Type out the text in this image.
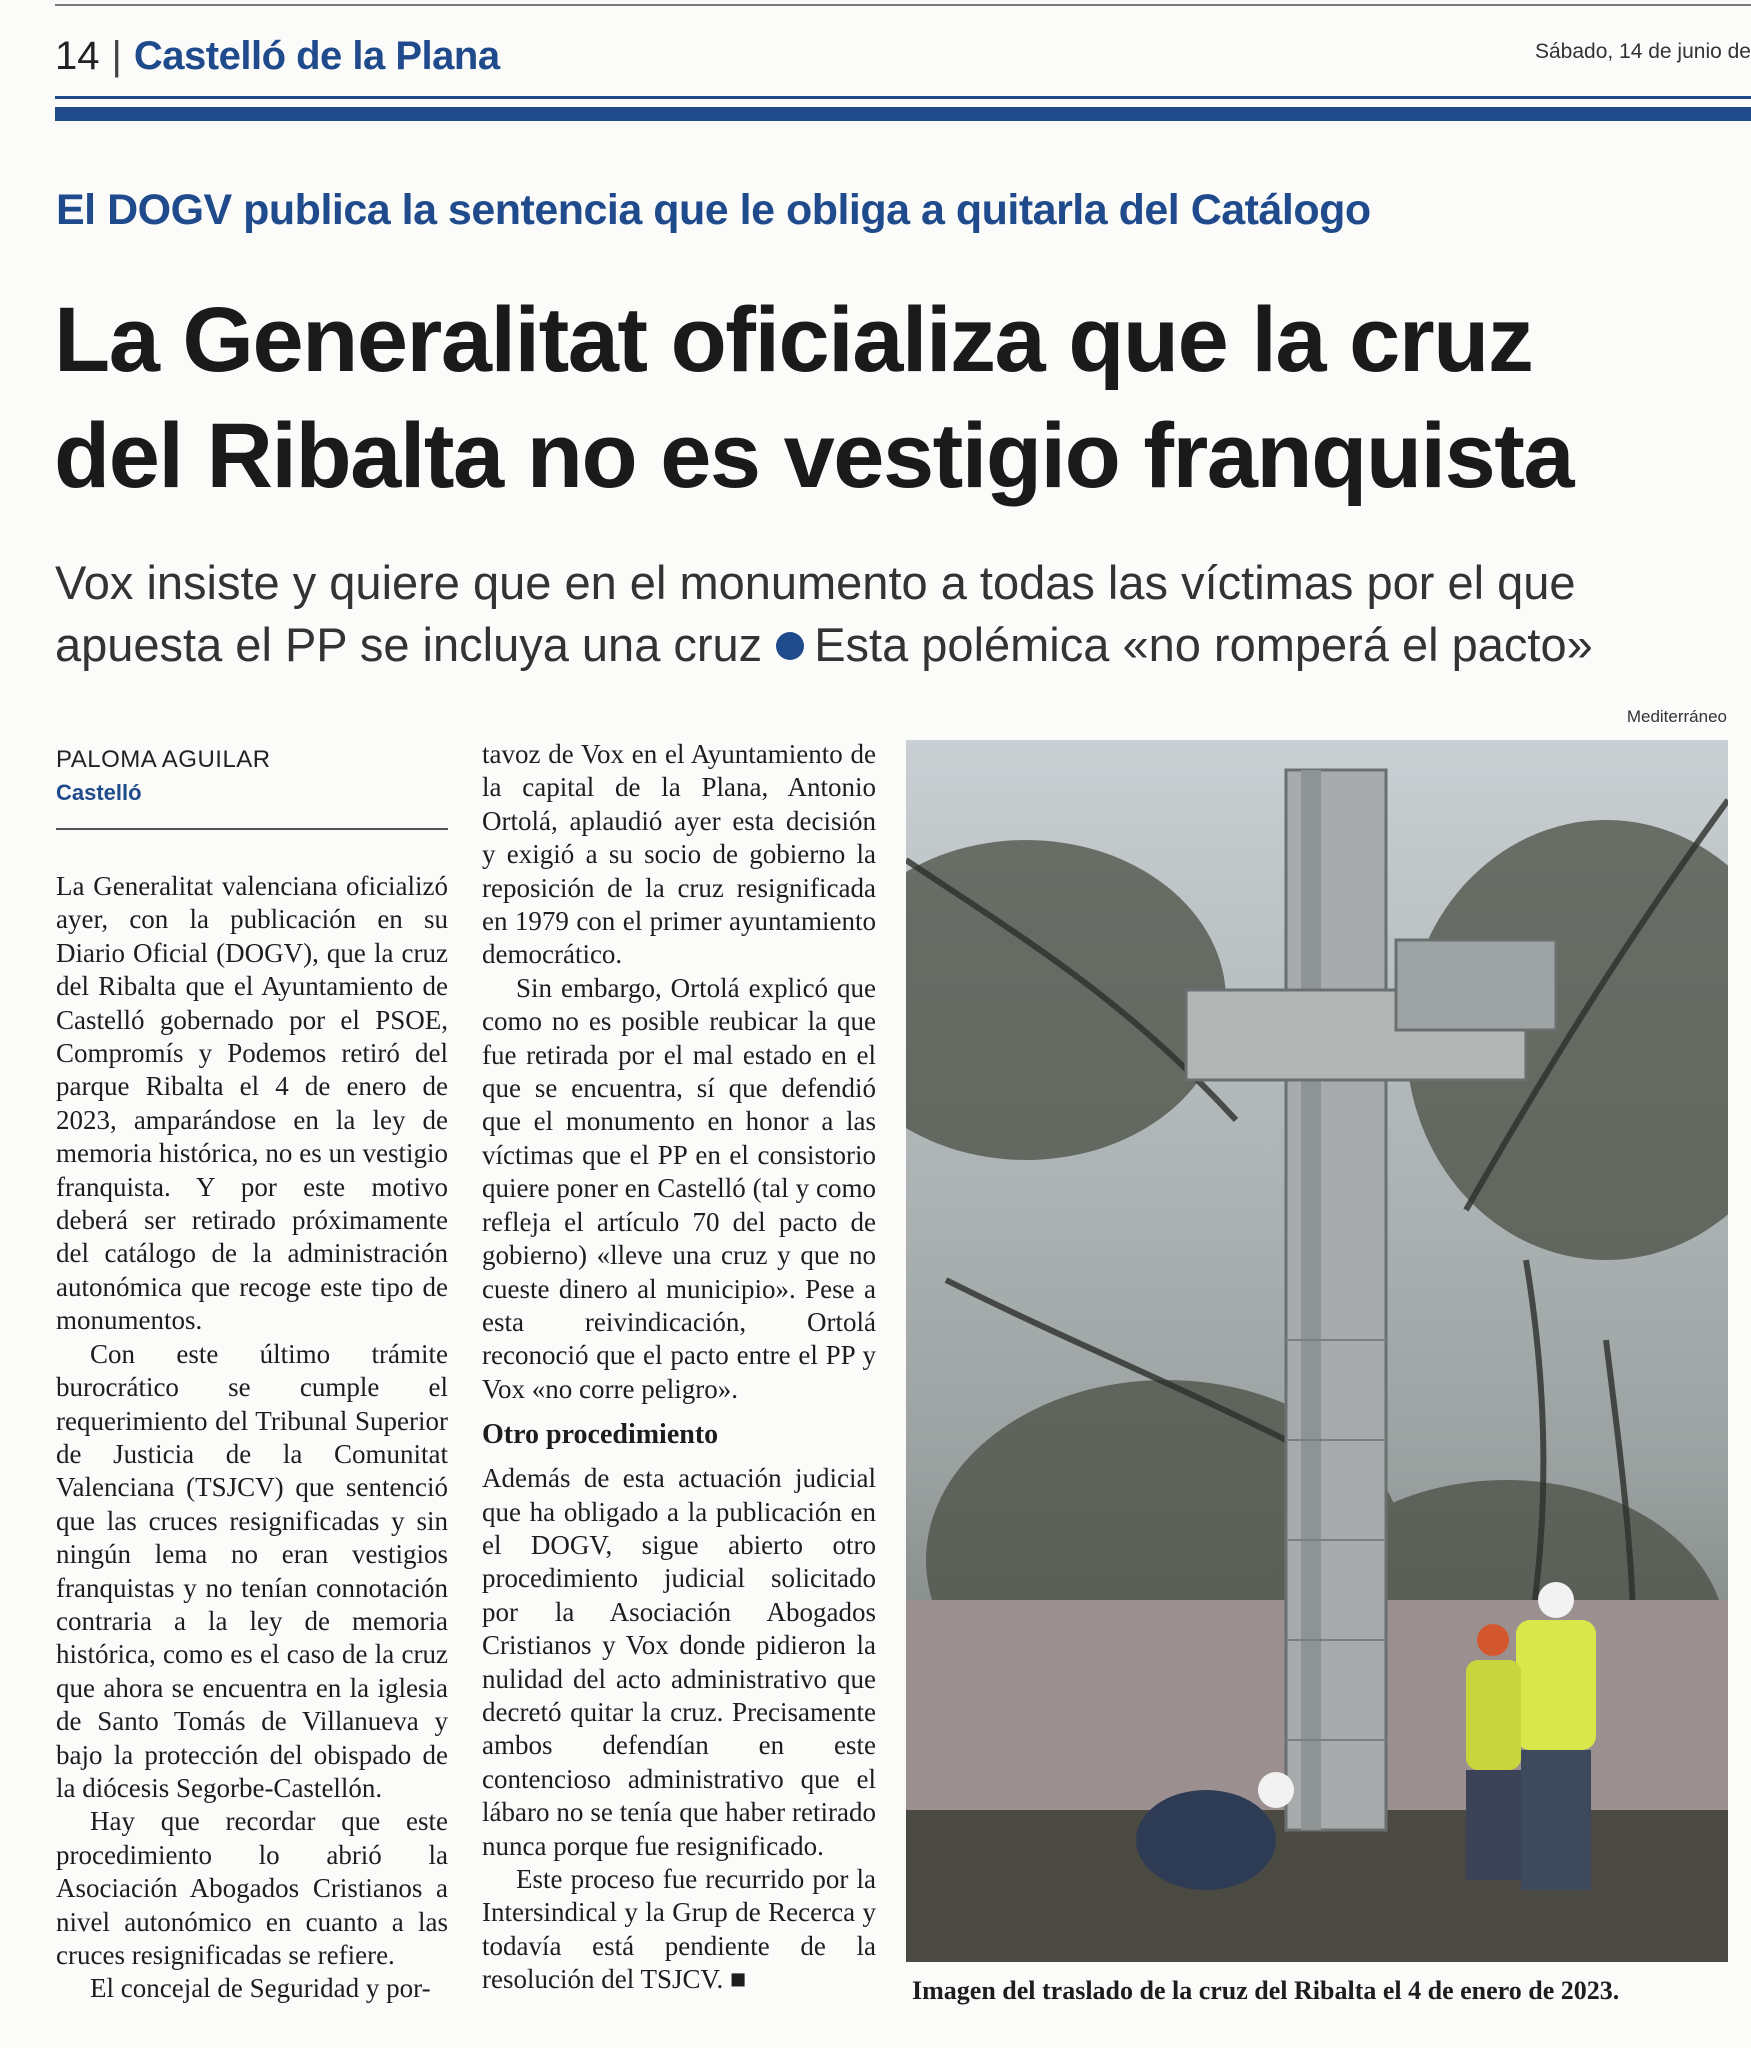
14 | Castelló de la Plana	Sábado, 14 de junio de
El DOGV publica la sentencia que le obliga a quitarla del Catálogo
La Generalitat oficializa que la cruz
del Ribalta no es vestigio franquista
Vox insiste y quiere que en el monumento a todas las víctimas por el que apuesta el PP se incluya una cruz Esta polémica «no romperá el pacto»
PALOMA AGUILAR
Castelló

La Generalitat valenciana oficializó ayer, con la publicación en su Diario Oficial (DOGV), que la cruz del Ribalta que el Ayuntamiento de Castelló gobernado por el PSOE, Compromís y Podemos retiró del parque Ribalta el 4 de enero de 2023, amparándose en la ley de memoria histórica, no es un vestigio franquista. Y por este motivo deberá ser retirado próximamente del catálogo de la administración autonómica que recoge este tipo de monumentos.

Con este último trámite burocrático se cumple el requerimiento del Tribunal Superior de Justicia de la Comunitat Valenciana (TSJCV) que sentenció que las cruces resignificadas y sin ningún lema no eran vestigios franquistas y no tenían connotación contraria a la ley de memoria histórica, como es el caso de la cruz que ahora se encuentra en la iglesia de Santo Tomás de Villanueva y bajo la protección del obispado de la diócesis Segorbe-Castellón.

Hay que recordar que este procedimiento lo abrió la Asociación Abogados Cristianos a nivel autonómico en cuanto a las cruces resignificadas se refiere.

El concejal de Seguridad y por-

tavoz de Vox en el Ayuntamiento de la capital de la Plana, Antonio Ortolá, aplaudió ayer esta decisión y exigió a su socio de gobierno la reposición de la cruz resignificada en 1979 con el primer ayuntamiento democrático.

Sin embargo, Ortolá explicó que como no es posible reubicar la que fue retirada por el mal estado en el que se encuentra, sí que defendió que el monumento en honor a las víctimas que el PP en el consistorio quiere poner en Castelló (tal y como refleja el artículo 70 del pacto de gobierno) «lleve una cruz y que no cueste dinero al municipio». Pese a esta reivindicación, Ortolá reconoció que el pacto entre el PP y Vox «no corre peligro».

Otro procedimiento

Además de esta actuación judicial que ha obligado a la publicación en el DOGV, sigue abierto otro procedimiento judicial solicitado por la Asociación Abogados Cristianos y Vox donde pidieron la nulidad del acto administrativo que decretó quitar la cruz. Precisamente ambos defendían en este contencioso administrativo que el lábaro no se tenía que haber retirado nunca porque fue resignificado.

Este proceso fue recurrido por la Intersindical y la Grup de Recerca y todavía está pendiente de la resolución del TSJCV. ■

Mediterráneo
Imagen del traslado de la cruz del Ribalta el 4 de enero de 2023.
